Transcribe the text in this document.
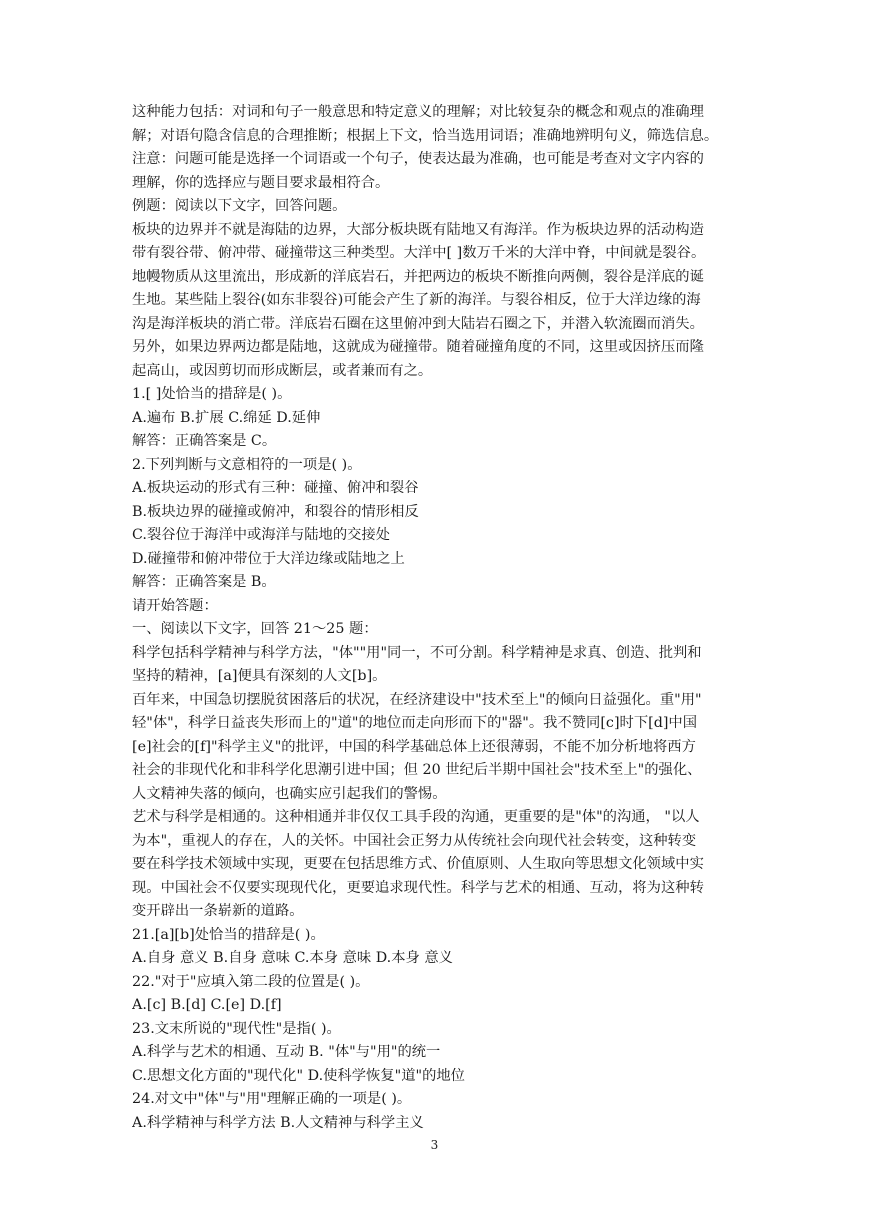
这种能力包括：对词和句子一般意思和特定意义的理解；对比较复杂的概念和观点的准确理
解；对语句隐含信息的合理推断；根据上下文，恰当选用词语；准确地辨明句义，筛选信息。
注意：问题可能是选择一个词语或一个句子，使表达最为准确，也可能是考查对文字内容的
理解，你的选择应与题目要求最相符合。
例题：阅读以下文字，回答问题。
板块的边界并不就是海陆的边界，大部分板块既有陆地又有海洋。作为板块边界的活动构造
带有裂谷带、俯冲带、碰撞带这三种类型。大洋中[ ]数万千米的大洋中脊，中间就是裂谷。
地幔物质从这里流出，形成新的洋底岩石，并把两边的板块不断推向两侧，裂谷是洋底的诞
生地。某些陆上裂谷(如东非裂谷)可能会产生了新的海洋。与裂谷相反，位于大洋边缘的海
沟是海洋板块的消亡带。洋底岩石圈在这里俯冲到大陆岩石圈之下，并潜入软流圈而消失。
另外，如果边界两边都是陆地，这就成为碰撞带。随着碰撞角度的不同，这里或因挤压而隆
起高山，或因剪切而形成断层，或者兼而有之。
1.[ ]处恰当的措辞是( )。
A.遍布 B.扩展 C.绵延 D.延伸
解答：正确答案是 C。
2.下列判断与文意相符的一项是( )。
A.板块运动的形式有三种：碰撞、俯冲和裂谷
B.板块边界的碰撞或俯冲，和裂谷的情形相反
C.裂谷位于海洋中或海洋与陆地的交接处
D.碰撞带和俯冲带位于大洋边缘或陆地之上
解答：正确答案是 B。
请开始答题：
一、阅读以下文字，回答 21～25 题：
科学包括科学精神与科学方法，"体""用"同一，不可分割。科学精神是求真、创造、批判和
坚持的精神，[a]便具有深刻的人文[b]。
百年来，中国急切摆脱贫困落后的状况，在经济建设中"技术至上"的倾向日益强化。重"用"
轻"体"，科学日益丧失形而上的"道"的地位而走向形而下的"器"。我不赞同[c]时下[d]中国
[e]社会的[f]"科学主义"的批评，中国的科学基础总体上还很薄弱，不能不加分析地将西方
社会的非现代化和非科学化思潮引进中国；但 20 世纪后半期中国社会"技术至上"的强化、
人文精神失落的倾向，也确实应引起我们的警惕。
艺术与科学是相通的。这种相通并非仅仅工具手段的沟通，更重要的是"体"的沟通， "以人
为本"，重视人的存在，人的关怀。中国社会正努力从传统社会向现代社会转变，这种转变
要在科学技术领域中实现，更要在包括思维方式、价值原则、人生取向等思想文化领域中实
现。中国社会不仅要实现现代化，更要追求现代性。科学与艺术的相通、互动，将为这种转
变开辟出一条崭新的道路。
21.[a][b]处恰当的措辞是( )。
A.自身 意义 B.自身 意味 C.本身 意味 D.本身 意义
22."对于"应填入第二段的位置是( )。
A.[c] B.[d] C.[e] D.[f]
23.文末所说的"现代性"是指( )。
A.科学与艺术的相通、互动 B. "体"与"用"的统一
C.思想文化方面的"现代化" D.使科学恢复"道"的地位
24.对文中"体"与"用"理解正确的一项是( )。
A.科学精神与科学方法 B.人文精神与科学主义
3
